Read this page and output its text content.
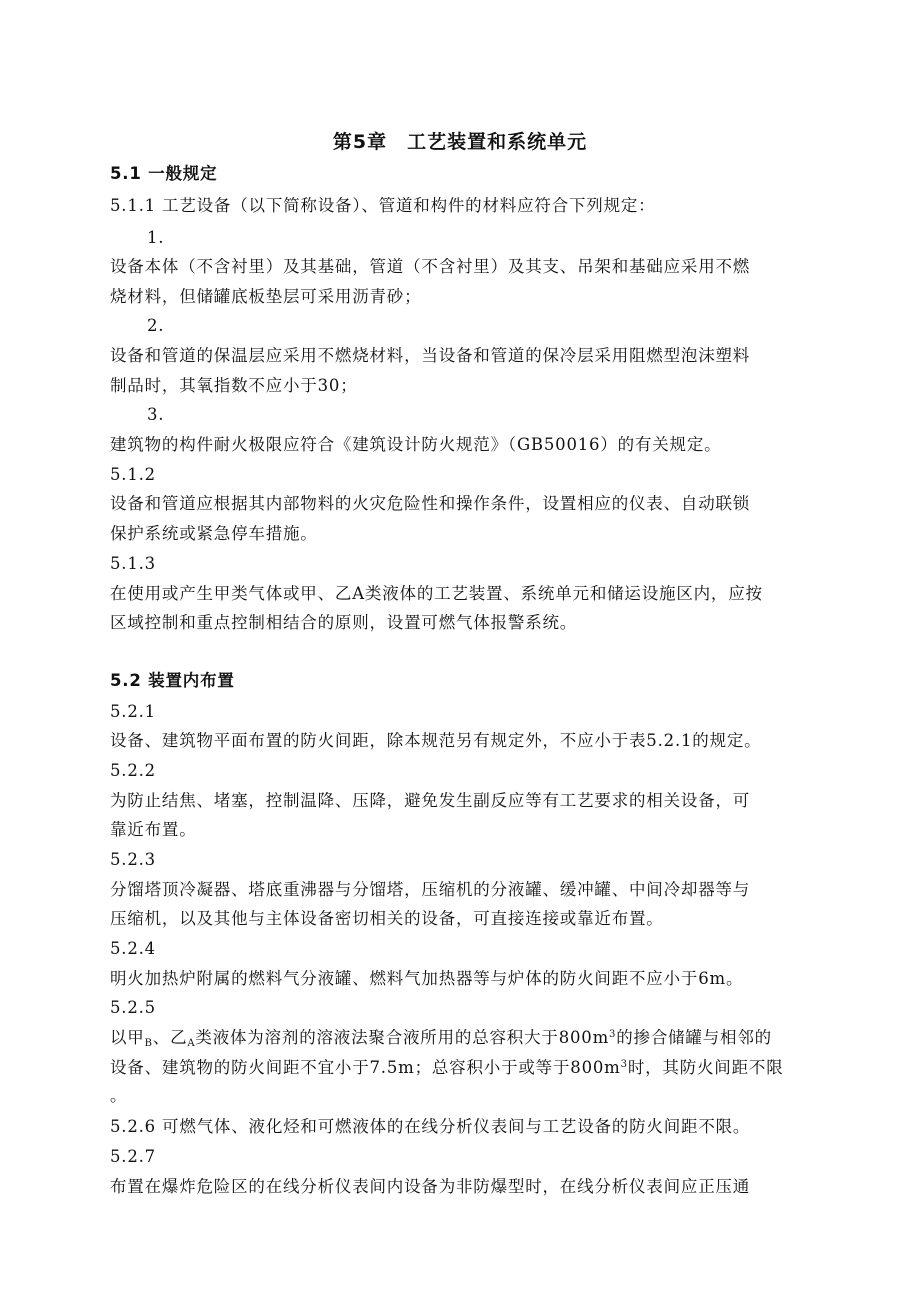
第5章　工艺装置和系统单元
5.1 一般规定
5.1.1 工艺设备（以下简称设备）、管道和构件的材料应符合下列规定：
1.
设备本体（不含衬里）及其基础，管道（不含衬里）及其支、吊架和基础应采用不燃
烧材料，但储罐底板垫层可采用沥青砂；
2.
设备和管道的保温层应采用不燃烧材料，当设备和管道的保冷层采用阻燃型泡沫塑料
制品时，其氧指数不应小于30；
3.
建筑物的构件耐火极限应符合《建筑设计防火规范》（GB50016）的有关规定。
5.1.2
设备和管道应根据其内部物料的火灾危险性和操作条件，设置相应的仪表、自动联锁
保护系统或紧急停车措施。
5.1.3
在使用或产生甲类气体或甲、乙A类液体的工艺装置、系统单元和储运设施区内，应按
区域控制和重点控制相结合的原则，设置可燃气体报警系统。
5.2 装置内布置
5.2.1
设备、建筑物平面布置的防火间距，除本规范另有规定外，不应小于表5.2.1的规定。
5.2.2
为防止结焦、堵塞，控制温降、压降，避免发生副反应等有工艺要求的相关设备，可
靠近布置。
5.2.3
分馏塔顶冷凝器、塔底重沸器与分馏塔，压缩机的分液罐、缓冲罐、中间冷却器等与
压缩机，以及其他与主体设备密切相关的设备，可直接连接或靠近布置。
5.2.4
明火加热炉附属的燃料气分液罐、燃料气加热器等与炉体的防火间距不应小于6m。
5.2.5
以甲$_B$、乙$_A$类液体为溶剂的溶液法聚合液所用的总容积大于$800m^3$的掺合储罐与相邻的
设备、建筑物的防火间距不宜小于7.5m；总容积小于或等于$800m^3$时，其防火间距不限
。
5.2.6 可燃气体、液化烃和可燃液体的在线分析仪表间与工艺设备的防火间距不限。
5.2.7
布置在爆炸危险区的在线分析仪表间内设备为非防爆型时，在线分析仪表间应正压通
